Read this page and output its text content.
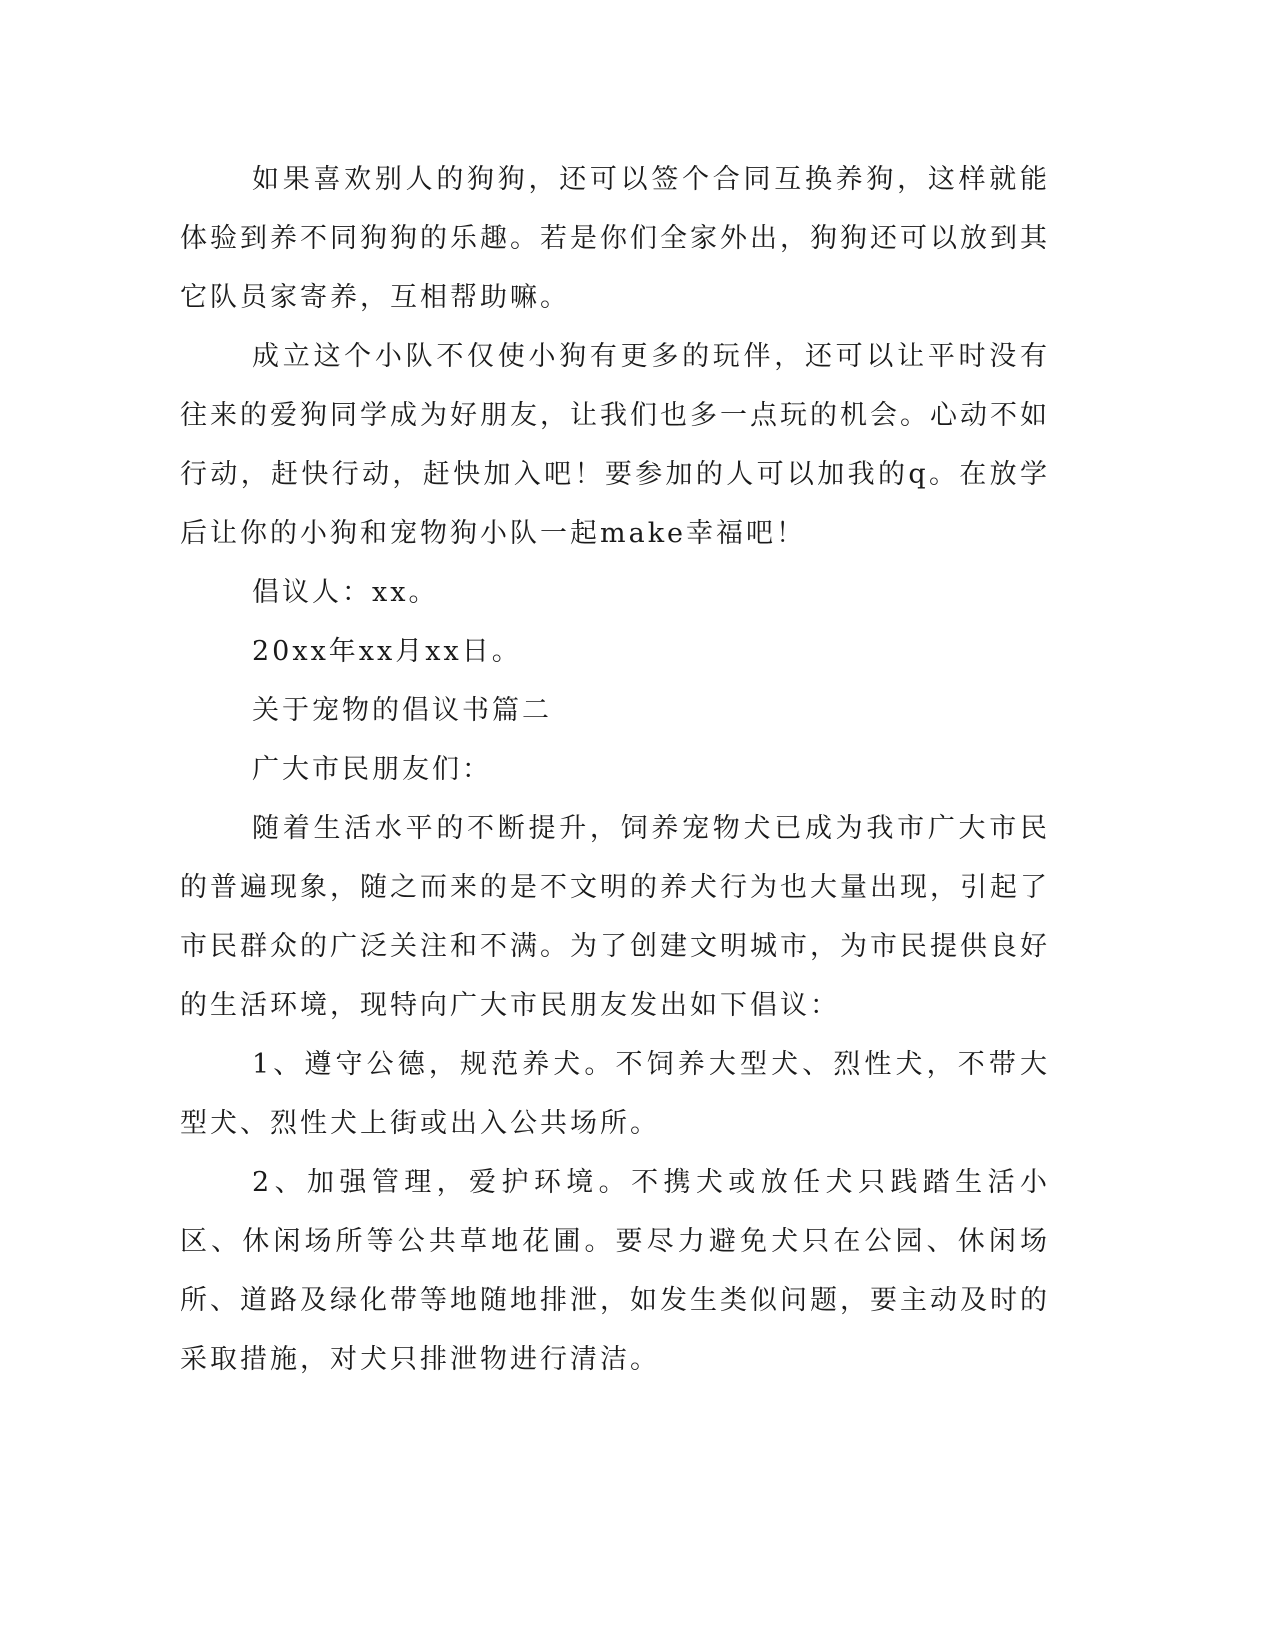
如果喜欢别人的狗狗，还可以签个合同互换养狗，这样就能体验到养不同狗狗的乐趣。若是你们全家外出，狗狗还可以放到其它队员家寄养，互相帮助嘛。

成立这个小队不仅使小狗有更多的玩伴，还可以让平时没有往来的爱狗同学成为好朋友，让我们也多一点玩的机会。心动不如行动，赶快行动，赶快加入吧！要参加的人可以加我的q。在放学后让你的小狗和宠物狗小队一起make幸福吧！

倡议人：xx。

20xx年xx月xx日。

关于宠物的倡议书篇二

广大市民朋友们：

随着生活水平的不断提升，饲养宠物犬已成为我市广大市民的普遍现象，随之而来的是不文明的养犬行为也大量出现，引起了市民群众的广泛关注和不满。为了创建文明城市，为市民提供良好的生活环境，现特向广大市民朋友发出如下倡议：

1、遵守公德，规范养犬。不饲养大型犬、烈性犬，不带大型犬、烈性犬上街或出入公共场所。

2、加强管理，爱护环境。不携犬或放任犬只践踏生活小区、休闲场所等公共草地花圃。要尽力避免犬只在公园、休闲场所、道路及绿化带等地随地排泄，如发生类似问题，要主动及时的采取措施，对犬只排泄物进行清洁。
